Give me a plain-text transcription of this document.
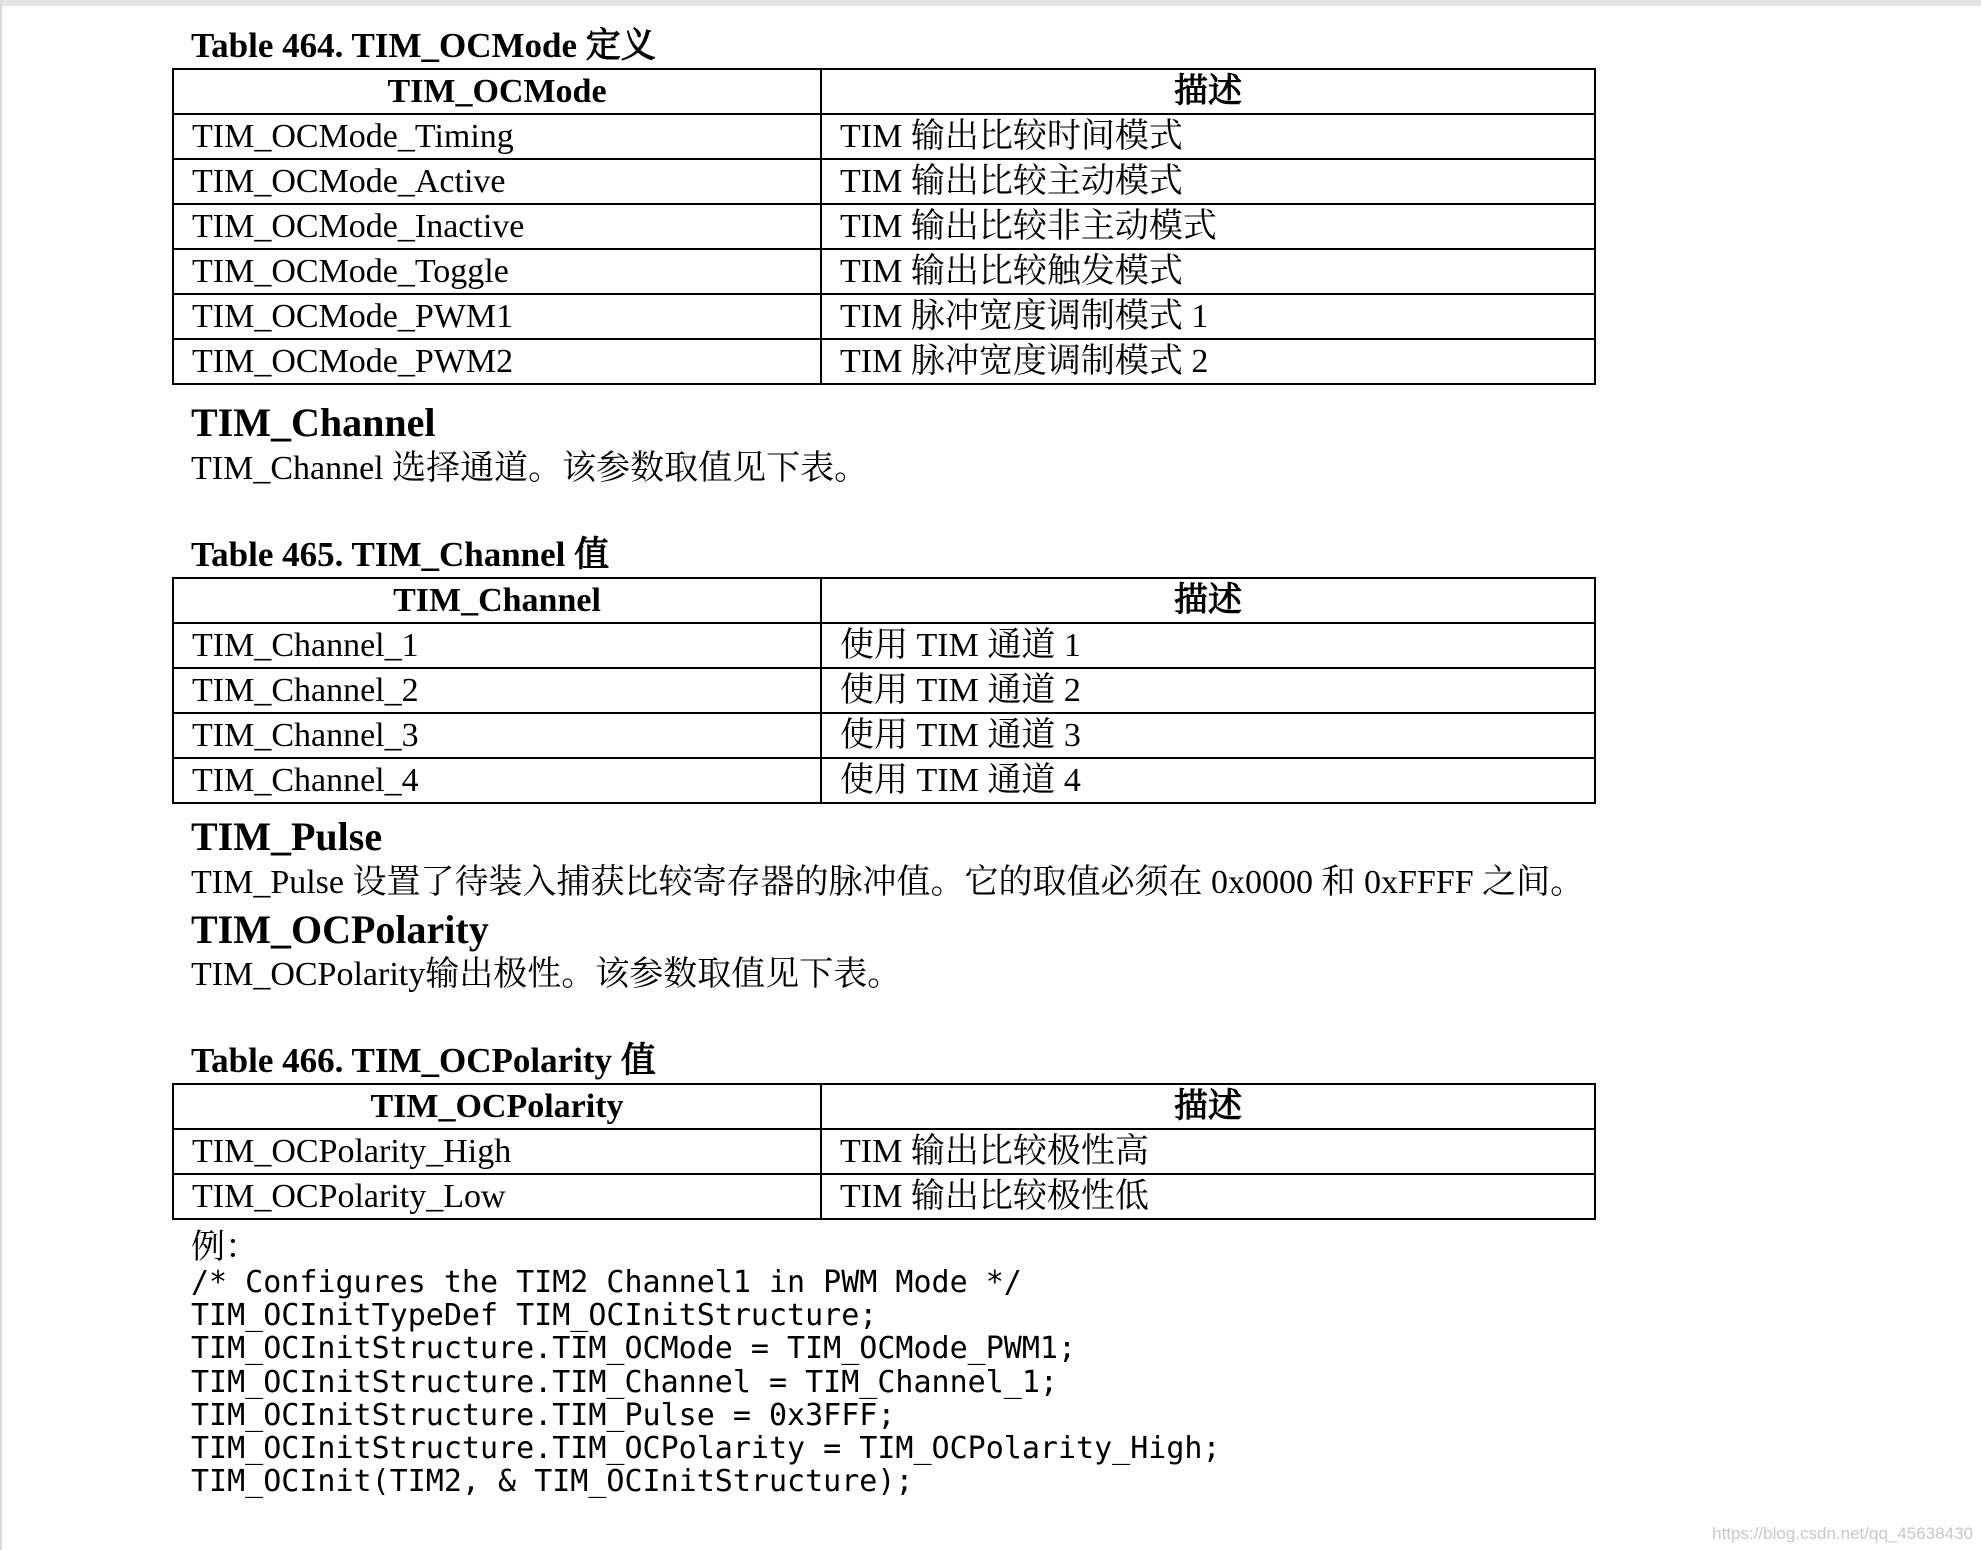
Table 464. TIM_OCMode 定义
TIM_OCMode	描述
TIM_OCMode_Timing	TIM 输出比较时间模式
TIM_OCMode_Active	TIM 输出比较主动模式
TIM_OCMode_Inactive	TIM 输出比较非主动模式
TIM_OCMode_Toggle	TIM 输出比较触发模式
TIM_OCMode_PWM1	TIM 脉冲宽度调制模式 1
TIM_OCMode_PWM2	TIM 脉冲宽度调制模式 2
TIM_Channel
TIM_Channel 选择通道。该参数取值见下表。
Table 465. TIM_Channel 值
TIM_Channel	描述
TIM_Channel_1	使用 TIM 通道 1
TIM_Channel_2	使用 TIM 通道 2
TIM_Channel_3	使用 TIM 通道 3
TIM_Channel_4	使用 TIM 通道 4
TIM_Pulse
TIM_Pulse 设置了待装入捕获比较寄存器的脉冲值。它的取值必须在 0x0000 和 0xFFFF 之间。
TIM_OCPolarity
TIM_OCPolarity输出极性。该参数取值见下表。
Table 466. TIM_OCPolarity 值
TIM_OCPolarity	描述
TIM_OCPolarity_High	TIM 输出比较极性高
TIM_OCPolarity_Low	TIM 输出比较极性低
例：
/* Configures the TIM2 Channel1 in PWM Mode */
TIM_OCInitTypeDef TIM_OCInitStructure;
TIM_OCInitStructure.TIM_OCMode = TIM_OCMode_PWM1;
TIM_OCInitStructure.TIM_Channel = TIM_Channel_1;
TIM_OCInitStructure.TIM_Pulse = 0x3FFF;
TIM_OCInitStructure.TIM_OCPolarity = TIM_OCPolarity_High;
TIM_OCInit(TIM2, & TIM_OCInitStructure);
https://blog.csdn.net/qq_45638430
